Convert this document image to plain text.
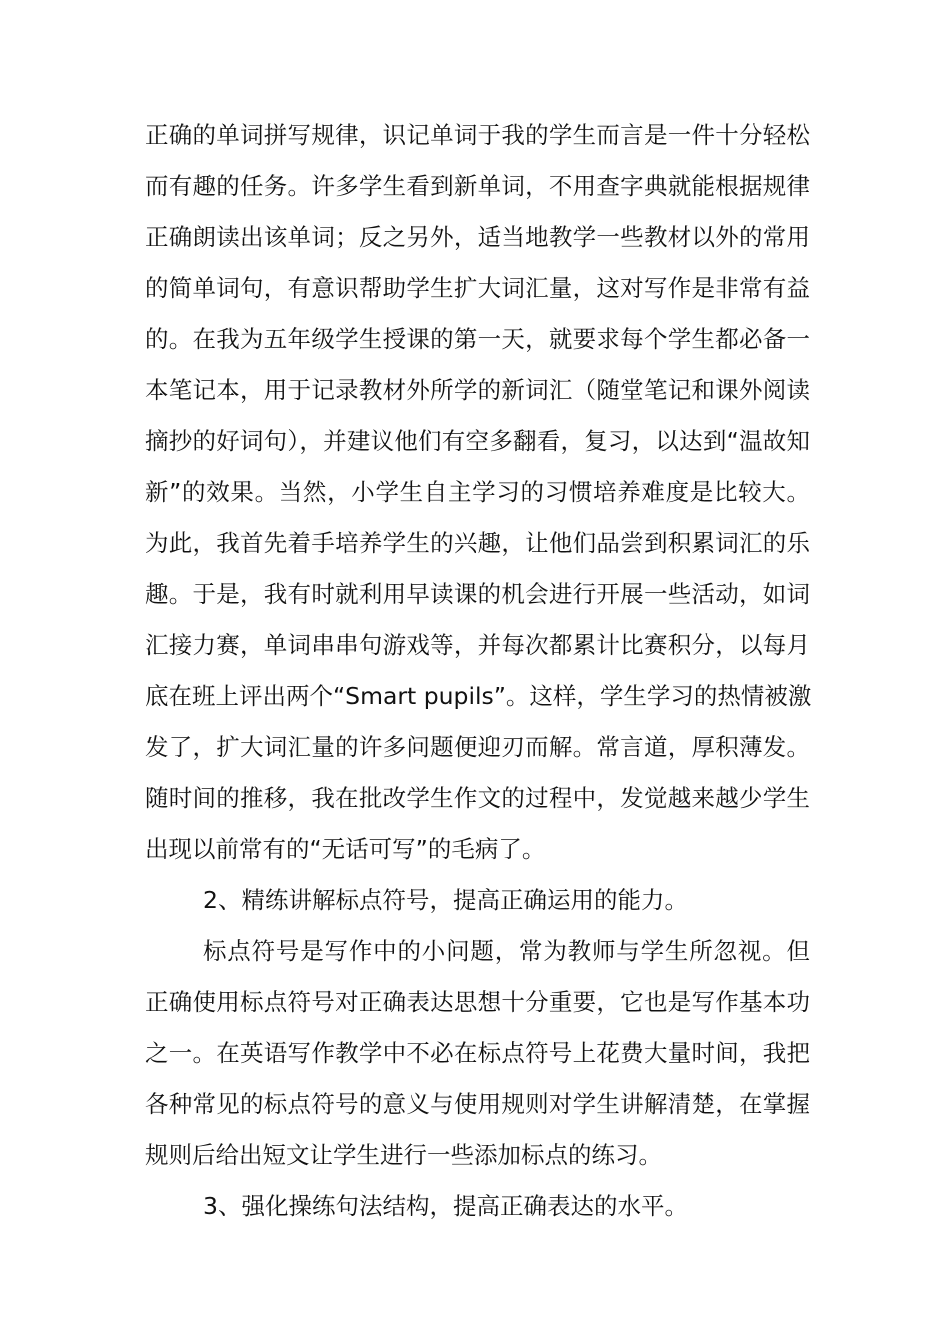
正确的单词拼写规律，识记单词于我的学生而言是一件十分轻松
而有趣的任务。许多学生看到新单词，不用查字典就能根据规律
正确朗读出该单词；反之另外，适当地教学一些教材以外的常用
的简单词句，有意识帮助学生扩大词汇量，这对写作是非常有益
的。在我为五年级学生授课的第一天，就要求每个学生都必备一
本笔记本，用于记录教材外所学的新词汇（随堂笔记和课外阅读
摘抄的好词句），并建议他们有空多翻看，复习，以达到“温故知
新”的效果。当然，小学生自主学习的习惯培养难度是比较大。
为此，我首先着手培养学生的兴趣，让他们品尝到积累词汇的乐
趣。于是，我有时就利用早读课的机会进行开展一些活动，如词
汇接力赛，单词串串句游戏等，并每次都累计比赛积分，以每月
底在班上评出两个“Smart pupils”。这样，学生学习的热情被激
发了，扩大词汇量的许多问题便迎刃而解。常言道，厚积薄发。
随时间的推移，我在批改学生作文的过程中，发觉越来越少学生
出现以前常有的“无话可写”的毛病了。
2、精练讲解标点符号，提高正确运用的能力。
标点符号是写作中的小问题，常为教师与学生所忽视。但
正确使用标点符号对正确表达思想十分重要，它也是写作基本功
之一。在英语写作教学中不必在标点符号上花费大量时间，我把
各种常见的标点符号的意义与使用规则对学生讲解清楚，在掌握
规则后给出短文让学生进行一些添加标点的练习。
3、强化操练句法结构，提高正确表达的水平。
